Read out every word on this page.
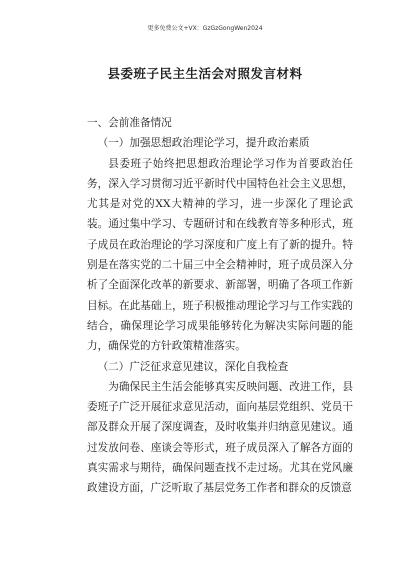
更多免费公文+VX：GzGzGongWen2024
县委班子民主生活会对照发言材料

一、会前准备情况

（一）加强思想政治理论学习，提升政治素质

县委班子始终把思想政治理论学习作为首要政治任务，深入学习贯彻习近平新时代中国特色社会主义思想，尤其是对党的XX大精神的学习，进一步深化了理论武装。通过集中学习、专题研讨和在线教育等多种形式，班子成员在政治理论的学习深度和广度上有了新的提升。特别是在落实党的二十届三中全会精神时，班子成员深入分析了全面深化改革的新要求、新部署，明确了各项工作新目标。在此基础上，班子积极推动理论学习与工作实践的结合，确保理论学习成果能够转化为解决实际问题的能力，确保党的方针政策精准落实。

（二）广泛征求意见建议，深化自我检查

为确保民主生活会能够真实反映问题、改进工作，县委班子广泛开展征求意见活动，面向基层党组织、党员干部及群众开展了深度调查，及时收集并归纳意见建议。通过发放问卷、座谈会等形式，班子成员深入了解各方面的真实需求与期待，确保问题查找不走过场。尤其在党风廉政建设方面，广泛听取了基层党务工作者和群众的反馈意
